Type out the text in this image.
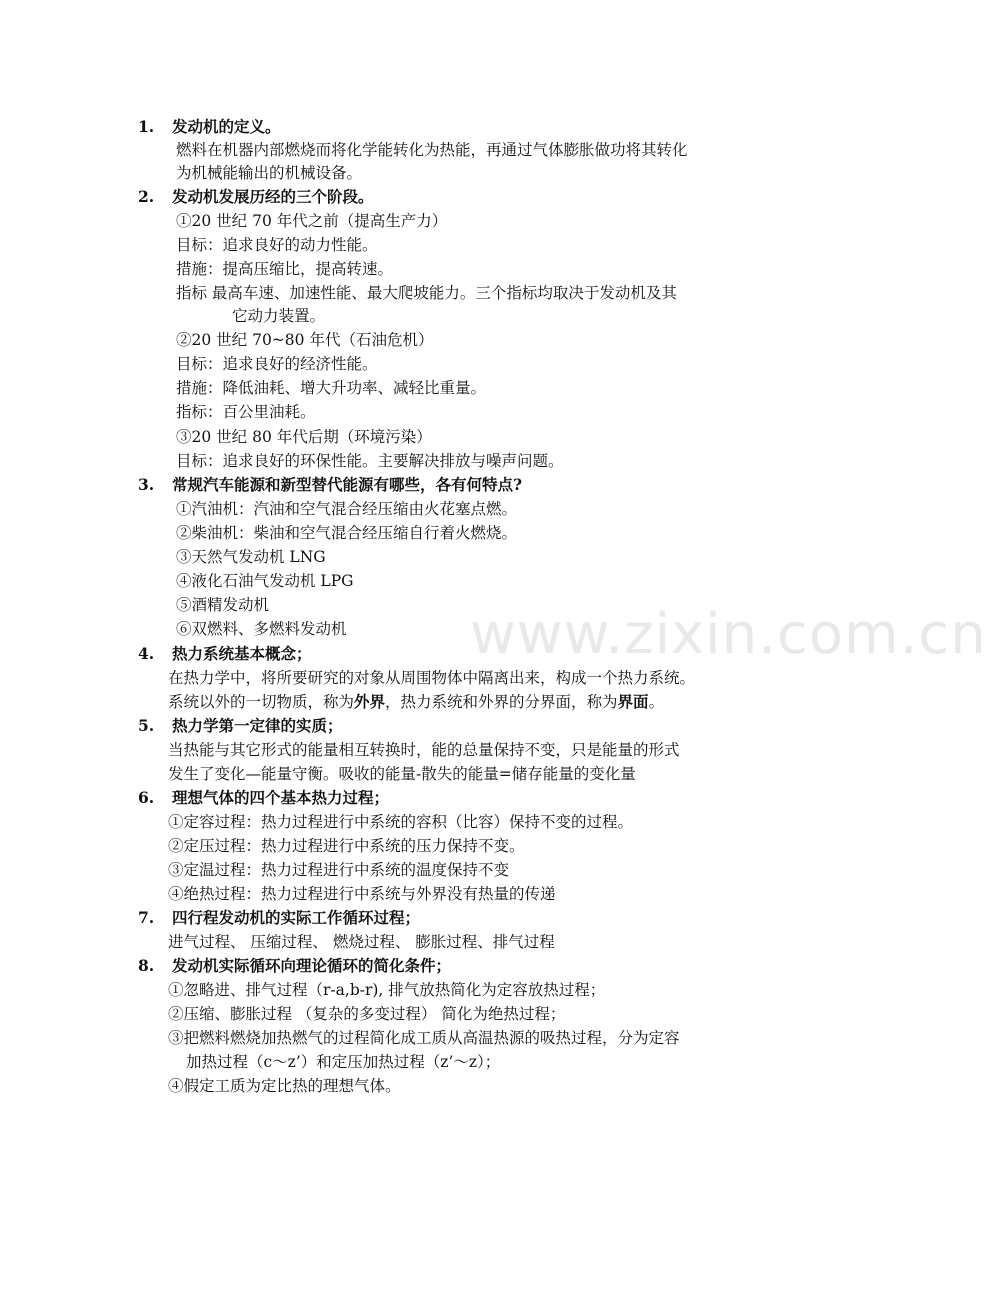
www.zixin.com.cn
1. 发动机的定义。
燃料在机器内部燃烧而将化学能转化为热能，再通过气体膨胀做功将其转化
为机械能输出的机械设备。
2. 发动机发展历经的三个阶段。
①20 世纪 70 年代之前（提高生产力）
目标：追求良好的动力性能。
措施：提高压缩比，提高转速。
指标 最高车速、加速性能、最大爬坡能力。三个指标均取决于发动机及其
它动力装置。
②20 世纪 70~80 年代（石油危机）
目标：追求良好的经济性能。
措施：降低油耗、增大升功率、减轻比重量。
指标：百公里油耗。
③20 世纪 80 年代后期（环境污染）
目标：追求良好的环保性能。主要解决排放与噪声问题。
3. 常规汽车能源和新型替代能源有哪些，各有何特点?
①汽油机：汽油和空气混合经压缩由火花塞点燃。
②柴油机：柴油和空气混合经压缩自行着火燃烧。
③天然气发动机 LNG
④液化石油气发动机 LPG
⑤酒精发动机
⑥双燃料、多燃料发动机
4. 热力系统基本概念；
在热力学中，将所要研究的对象从周围物体中隔离出来，构成一个热力系统。
系统以外的一切物质，称为外界，热力系统和外界的分界面，称为界面。
5. 热力学第一定律的实质；
当热能与其它形式的能量相互转换时，能的总量保持不变，只是能量的形式
发生了变化—能量守衡。吸收的能量-散失的能量=储存能量的变化量
6. 理想气体的四个基本热力过程；
①定容过程：热力过程进行中系统的容积（比容）保持不变的过程。
②定压过程：热力过程进行中系统的压力保持不变。
③定温过程：热力过程进行中系统的温度保持不变
④绝热过程：热力过程进行中系统与外界没有热量的传递
7. 四行程发动机的实际工作循环过程；
进气过程、 压缩过程、 燃烧过程、 膨胀过程、排气过程
8. 发动机实际循环向理论循环的简化条件；
①忽略进、排气过程（r-a,b-r), 排气放热简化为定容放热过程；
②压缩、膨胀过程 （复杂的多变过程） 简化为绝热过程；
③把燃料燃烧加热燃气的过程简化成工质从高温热源的吸热过程，分为定容
加热过程（c～z’）和定压加热过程（z’～z）；
④假定工质为定比热的理想气体。
